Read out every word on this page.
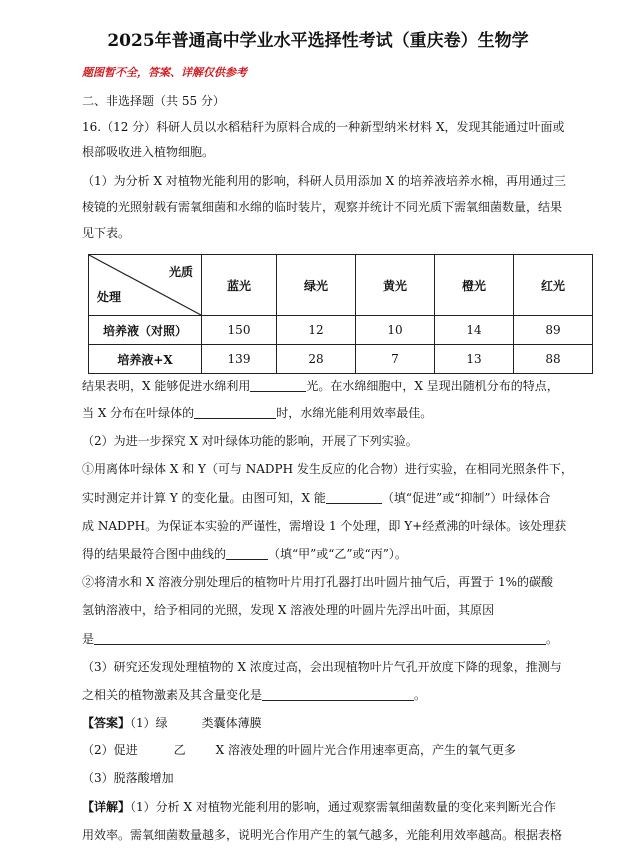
2025年普通高中学业水平选择性考试（重庆卷）生物学
题图暂不全，答案、详解仅供参考
二、非选择题（共 55 分）
16.（12 分）科研人员以水稻秸秆为原料合成的一种新型纳米材料 X，发现其能通过叶面或
根部吸收进入植物细胞。
（1）为分析 X 对植物光能利用的影响，科研人员用添加 X 的培养液培养水棉，再用通过三
棱镜的光照射载有需氧细菌和水绵的临时装片，观察并统计不同光质下需氧细菌数量，结果
见下表。
光质
处理	蓝光	绿光	黄光	橙光	红光
培养液（对照）	150	12	10	14	89
培养液+X	139	28	7	13	88
结果表明，X 能够促进水绵利用	光。在水绵细胞中，X 呈现出随机分布的特点，
当 X 分布在叶绿体的	时，水绵光能利用效率最佳。
（2）为进一步探究 X 对叶绿体功能的影响，开展了下列实验。
①用离体叶绿体 X 和 Y（可与 NADPH 发生反应的化合物）进行实验，在相同光照条件下，
实时测定并计算 Y 的变化量。由图可知，X 能	（填“促进”或“抑制”）叶绿体合
成 NADPH。为保证本实验的严谨性，需增设 1 个处理，即 Y+经煮沸的叶绿体。该处理获
得的结果最符合图中曲线的	（填“甲”或“乙”或“丙”）。
②将清水和 X 溶液分别处理后的植物叶片用打孔器打出叶圆片抽气后，再置于 1%的碳酸
氢钠溶液中，给予相同的光照，发现 X 溶液处理的叶圆片先浮出叶面，其原因
是	。
（3）研究还发现处理植物的 X 浓度过高，会出现植物叶片气孔开放度下降的现象，推测与
之相关的植物激素及其含量变化是	。
【答案】（1）绿	类囊体薄膜
（2）促进	乙	X 溶液处理的叶圆片光合作用速率更高，产生的氧气更多
（3）脱落酸增加
【详解】（1）分析 X 对植物光能利用的影响，通过观察需氧细菌数量的变化来判断光合作
用效率。需氧细菌数量越多，说明光合作用产生的氧气越多，光能利用效率越高。根据表格
